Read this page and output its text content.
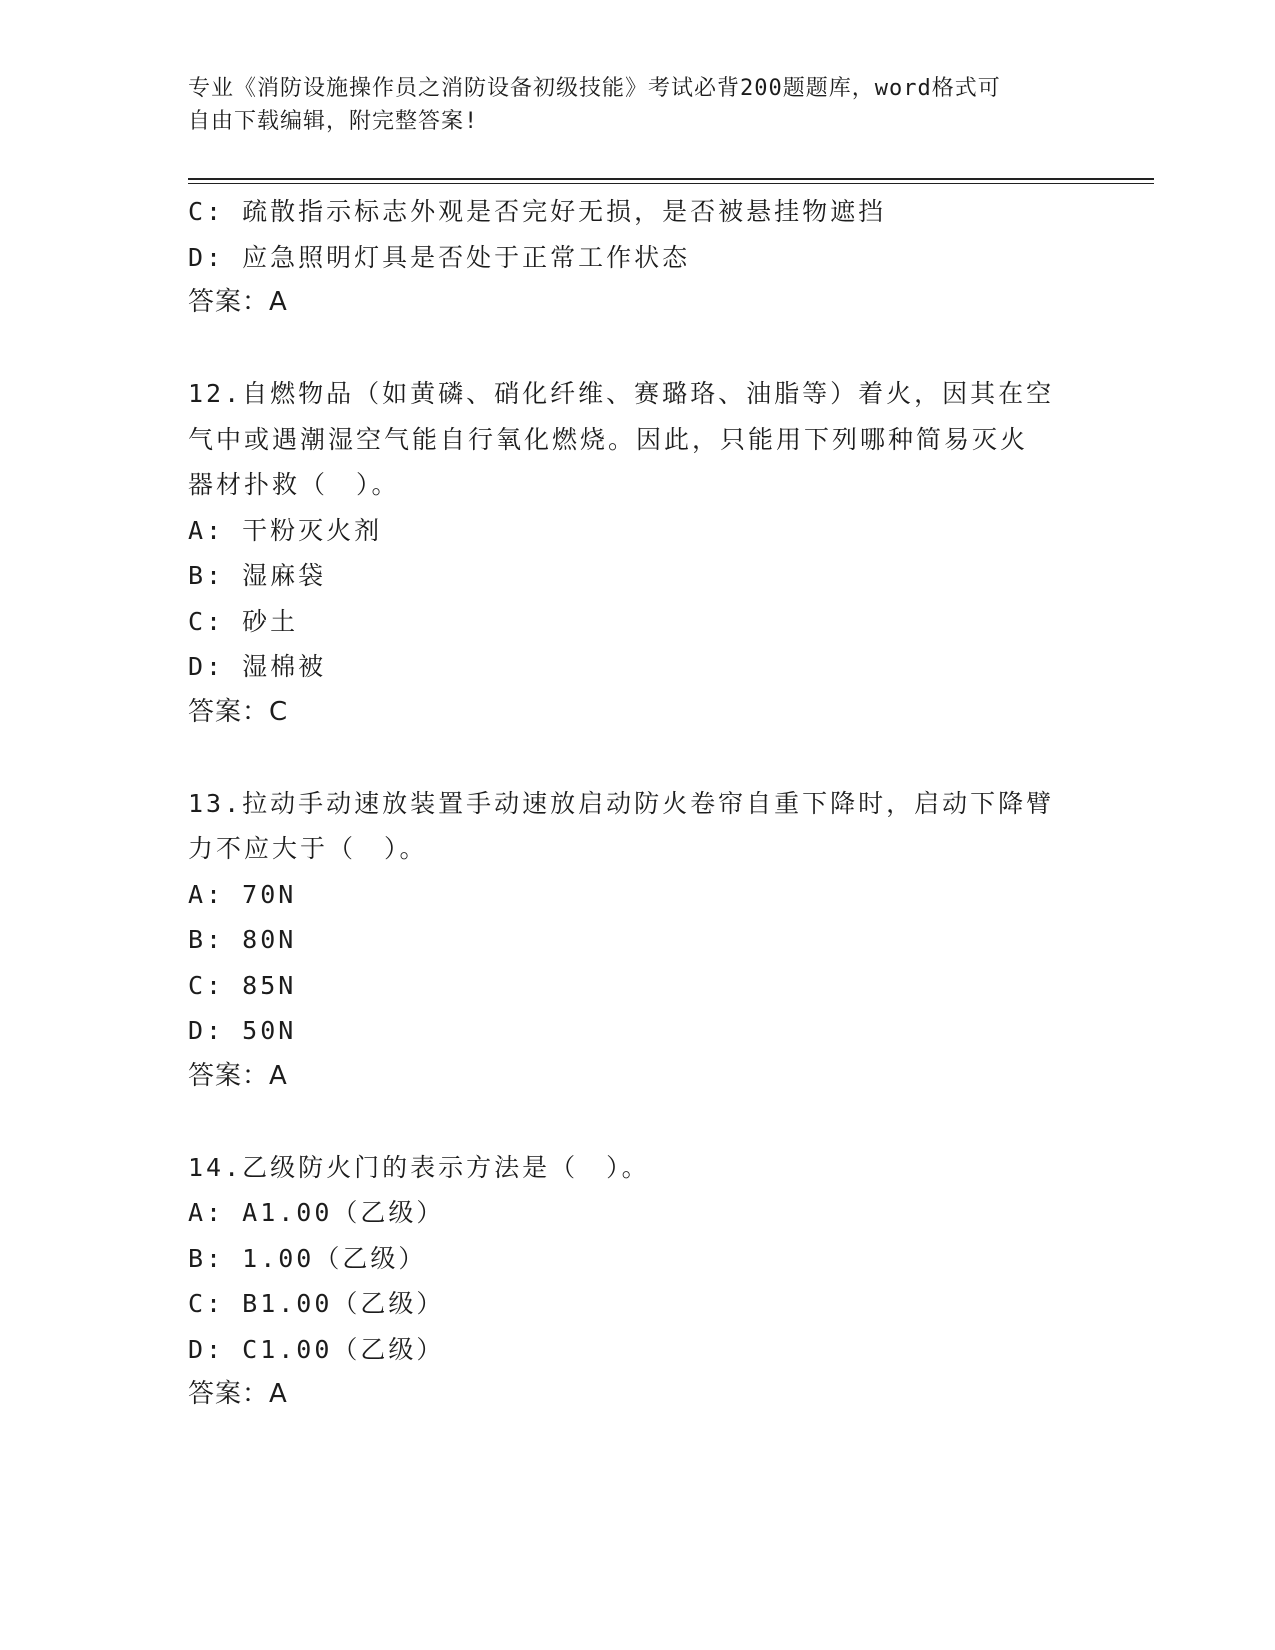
专业《消防设施操作员之消防设备初级技能》考试必背200题题库，word格式可
自由下载编辑，附完整答案!
C: 疏散指示标志外观是否完好无损，是否被悬挂物遮挡
D: 应急照明灯具是否处于正常工作状态
答案：A
12.自燃物品（如黄磷、硝化纤维、赛璐珞、油脂等）着火，因其在空
气中或遇潮湿空气能自行氧化燃烧。因此，只能用下列哪种简易灭火
器材扑救（　）。
A: 干粉灭火剂
B: 湿麻袋
C: 砂土
D: 湿棉被
答案：C
13.拉动手动速放装置手动速放启动防火卷帘自重下降时，启动下降臂
力不应大于（　）。
A: 70N
B: 80N
C: 85N
D: 50N
答案：A
14.乙级防火门的表示方法是（　）。
A: A1.00（乙级）
B: 1.00（乙级）
C: B1.00（乙级）
D: C1.00（乙级）
答案：A
